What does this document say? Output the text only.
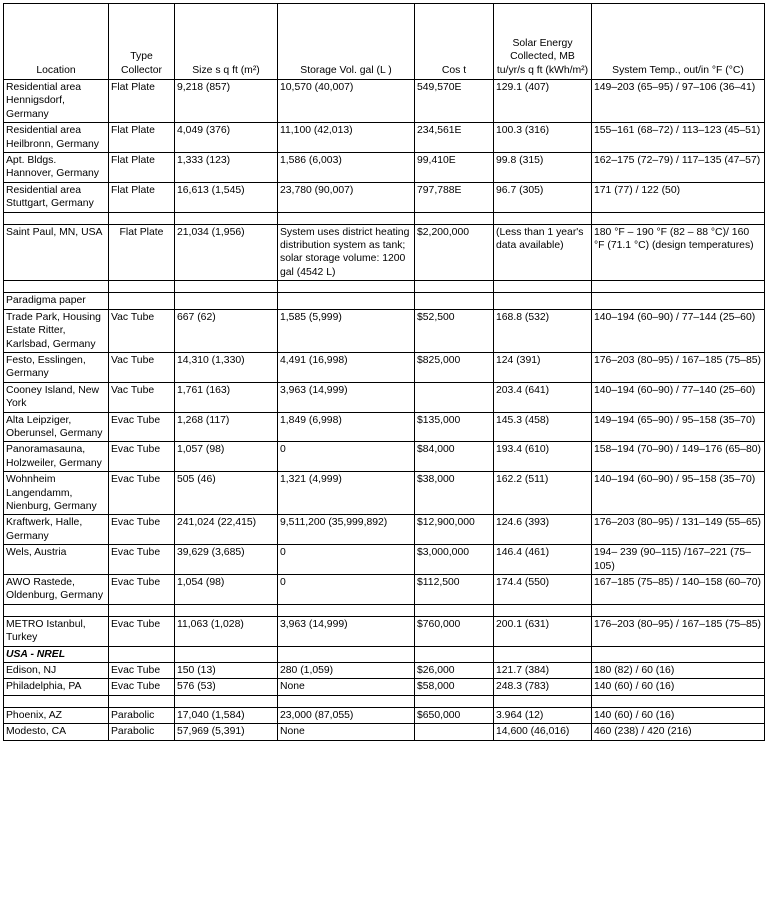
Location	Type Collector	Size s q ft (m²)	Storage Vol. gal (L )	Cos t	Solar Energy Collected, MB tu/yr/s q ft (kWh/m²)	System Temp., out/in °F (°C)
Residential area Hennigsdorf, Germany	Flat Plate	9,218 (857)	10,570 (40,007)	549,570E	129.1 (407)	149–203 (65–95) / 97–106 (36–41)
Residential area Heilbronn, Germany	Flat Plate	4,049 (376)	11,100 (42,013)	234,561E	100.3 (316)	155–161 (68–72) / 113–123 (45–51)
Apt. Bldgs. Hannover, Germany	Flat Plate	1,333 (123)	1,586 (6,003)	99,410E	99.8 (315)	162–175 (72–79) / 117–135 (47–57)
Residential area Stuttgart, Germany	Flat Plate	16,613 (1,545)	23,780 (90,007)	797,788E	96.7 (305)	171 (77) / 122 (50)

Saint Paul, MN, USA	Flat Plate	21,034 (1,956)	System uses district heating distribution system as tank; solar storage volume: 1200 gal (4542 L)	$2,200,000	(Less than 1 year's data available)	180 °F – 190 °F (82 – 88 °C)/ 160 °F (71.1 °C) (design temperatures)

Paradigma paper						
Trade Park, Housing Estate Ritter, Karlsbad, Germany	Vac Tube	667 (62)	1,585 (5,999)	$52,500	168.8 (532)	140–194 (60–90) / 77–144 (25–60)
Festo, Esslingen, Germany	Vac Tube	14,310 (1,330)	4,491 (16,998)	$825,000	124 (391)	176–203 (80–95) / 167–185 (75–85)
Cooney Island, New York	Vac Tube	1,761 (163)	3,963 (14,999)		203.4 (641)	140–194 (60–90) / 77–140 (25–60)
Alta Leipziger, Oberunsel, Germany	Evac Tube	1,268 (117)	1,849 (6,998)	$135,000	145.3 (458)	149–194 (65–90) / 95–158 (35–70)
Panoramasauna, Holzweiler, Germany	Evac Tube	1,057 (98)	0	$84,000	193.4 (610)	158–194 (70–90) / 149–176 (65–80)
Wohnheim Langendamm, Nienburg, Germany	Evac Tube	505 (46)	1,321 (4,999)	$38,000	162.2 (511)	140–194 (60–90) / 95–158 (35–70)
Kraftwerk, Halle, Germany	Evac Tube	241,024 (22,415)	9,511,200 (35,999,892)	$12,900,000	124.6 (393)	176–203 (80–95) / 131–149 (55–65)
Wels, Austria	Evac Tube	39,629 (3,685)	0	$3,000,000	146.4 (461)	194– 239 (90–115) /167–221 (75–105)
AWO Rastede, Oldenburg, Germany	Evac Tube	1,054 (98)	0	$112,500	174.4 (550)	167–185 (75–85) / 140–158 (60–70)

METRO Istanbul, Turkey	Evac Tube	11,063 (1,028)	3,963 (14,999)	$760,000	200.1 (631)	176–203 (80–95) / 167–185 (75–85)
USA - NREL						
Edison, NJ	Evac Tube	150 (13)	280 (1,059)	$26,000	121.7 (384)	180 (82) / 60 (16)
Philadelphia, PA	Evac Tube	576 (53)	None	$58,000	248.3 (783)	140 (60) / 60 (16)

Phoenix, AZ	Parabolic	17,040 (1,584)	23,000 (87,055)	$650,000	3.964 (12)	140 (60) / 60 (16)
Modesto, CA	Parabolic	57,969 (5,391)	None		14,600 (46,016)	460 (238) / 420 (216)
